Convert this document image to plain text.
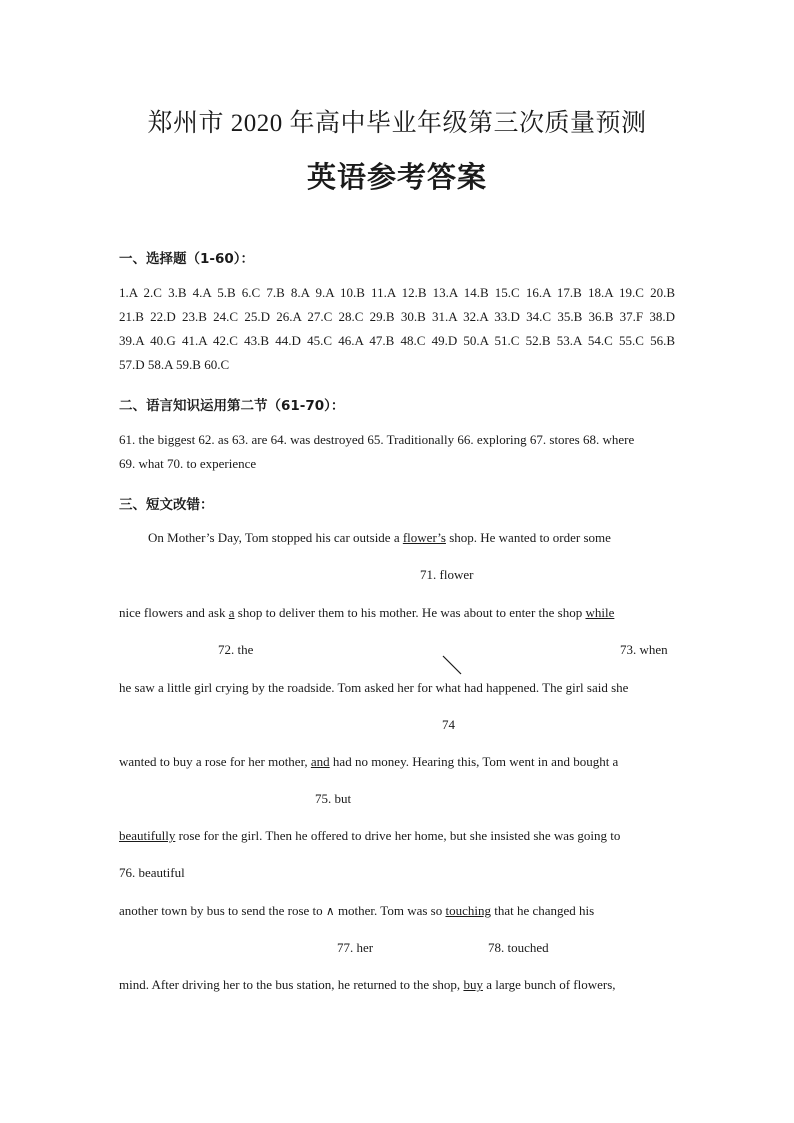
郑州市 2020 年高中毕业年级第三次质量预测
英语参考答案
一、选择题（1-60）：
1.A 2.C 3.B 4.A 5.B 6.C 7.B 8.A 9.A 10.B 11.A 12.B 13.A 14.B 15.C 16.A 17.B 18.A 19.C 20.B
21.B 22.D 23.B 24.C 25.D 26.A 27.C 28.C 29.B 30.B 31.A 32.A 33.D 34.C 35.B 36.B 37.F 38.D
39.A 40.G 41.A 42.C 43.B 44.D 45.C 46.A 47.B 48.C 49.D 50.A 51.C 52.B 53.A 54.C 55.C 56.B
57.D 58.A 59.B 60.C
二、语言知识运用第二节（61-70）：
61. the biggest 62. as 63. are 64. was destroyed 65. Traditionally 66. exploring 67. stores 68. where
69. what 70. to experience
三、短文改错：
On Mother’s Day, Tom stopped his car outside a flower’s shop. He wanted to order some
71. flower
nice flowers and ask a shop to deliver them to his mother. He was about to enter the shop while
72. the	73. when
he saw a little girl crying by the roadside. Tom asked her for what had happened. The girl said she
74
wanted to buy a rose for her mother, and had no money. Hearing this, Tom went in and bought a
75. but
beautifully rose for the girl. Then he offered to drive her home, but she insisted she was going to
76. beautiful
another town by bus to send the rose to ∧ mother. Tom was so touching that he changed his
77. her	78. touched
mind. After driving her to the bus station, he returned to the shop, buy a large bunch of flowers,
